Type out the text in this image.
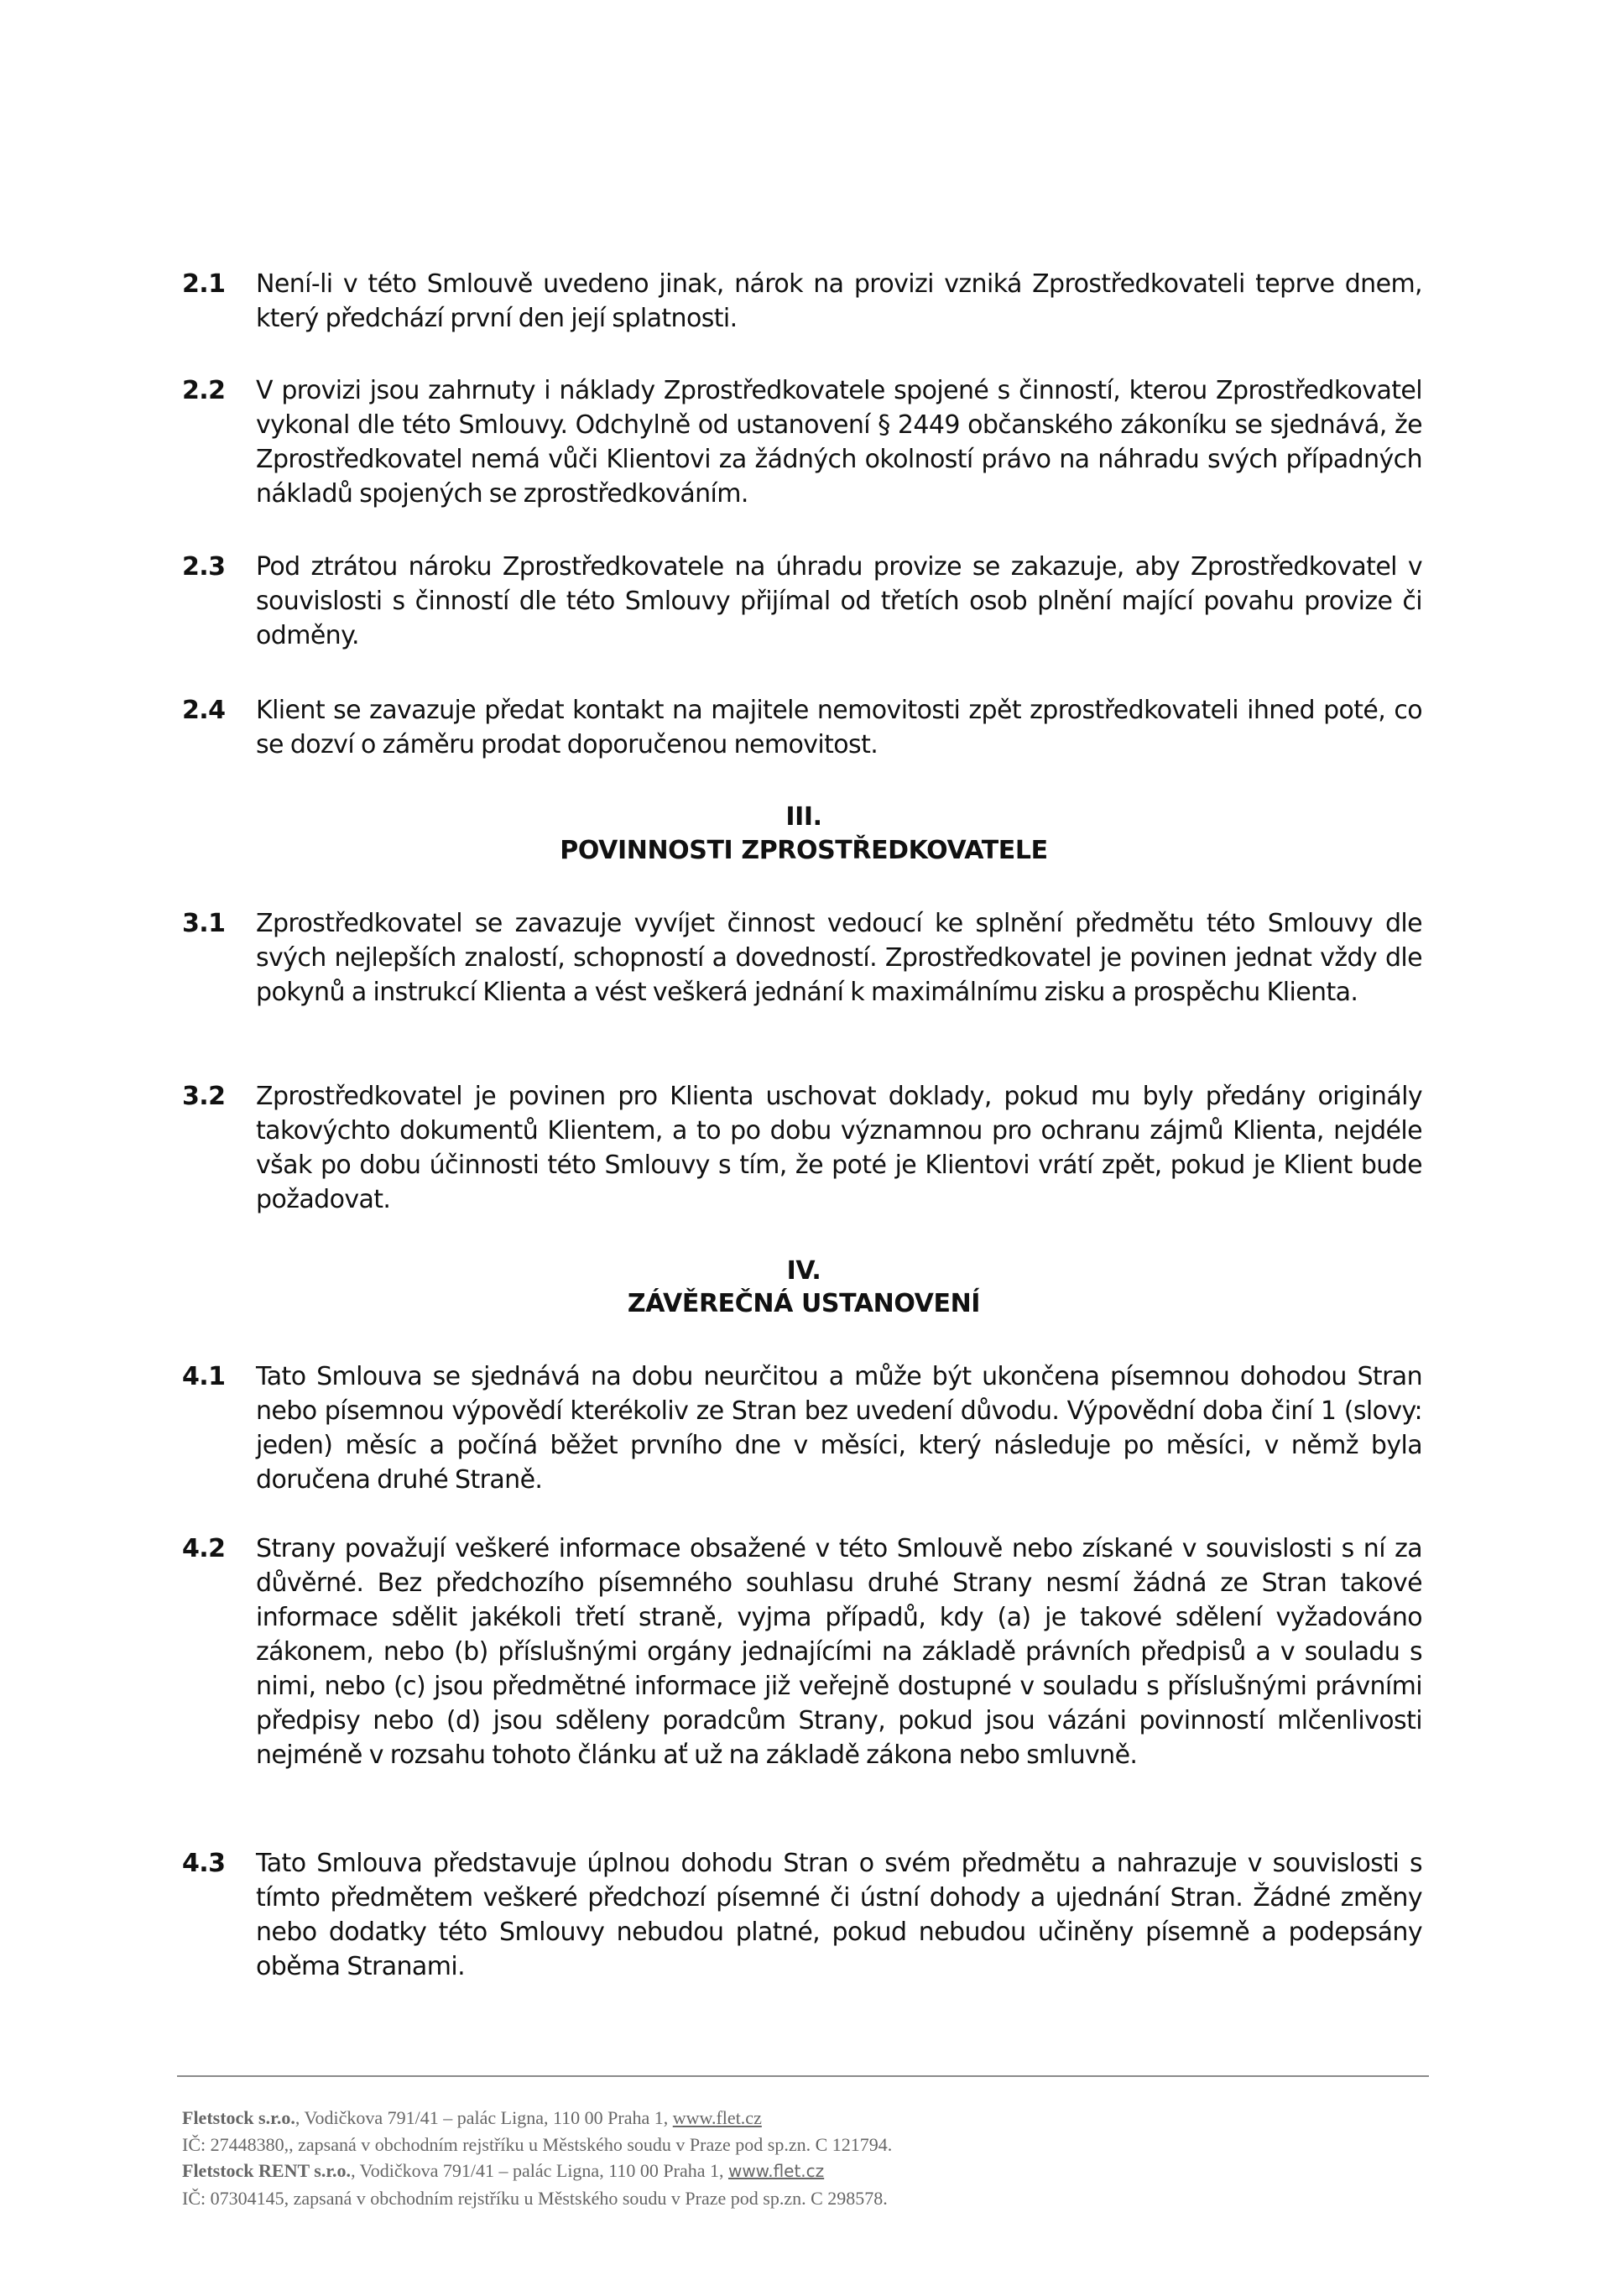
2.1	Není-li v této Smlouvě uvedeno jinak, nárok na provizi vzniká Zprostředkovateli teprve dnem, který předchází první den její splatnosti.
2.2	V provizi jsou zahrnuty i náklady Zprostředkovatele spojené s činností, kterou Zprostředkovatel vykonal dle této Smlouvy. Odchylně od ustanovení § 2449 občanského zákoníku se sjednává, že Zprostředkovatel nemá vůči Klientovi za žádných okolností právo na náhradu svých případných nákladů spojených se zprostředkováním.
2.3	Pod ztrátou nároku Zprostředkovatele na úhradu provize se zakazuje, aby Zprostředkovatel v souvislosti s činností dle této Smlouvy přijímal od třetích osob plnění mající povahu provize či odměny.
2.4	Klient se zavazuje předat kontakt na majitele nemovitosti zpět zprostředkovateli ihned poté, co se dozví o záměru prodat doporučenou nemovitost.
III.
POVINNOSTI ZPROSTŘEDKOVATELE
3.1	Zprostředkovatel se zavazuje vyvíjet činnost vedoucí ke splnění předmětu této Smlouvy dle svých nejlepších znalostí, schopností a dovedností. Zprostředkovatel je povinen jednat vždy dle pokynů a instrukcí Klienta a vést veškerá jednání k maximálnímu zisku a prospěchu Klienta.
3.2	Zprostředkovatel je povinen pro Klienta uschovat doklady, pokud mu byly předány originály takovýchto dokumentů Klientem, a to po dobu významnou pro ochranu zájmů Klienta, nejdéle však po dobu účinnosti této Smlouvy s tím, že poté je Klientovi vrátí zpět, pokud je Klient bude požadovat.
IV.
ZÁVĚREČNÁ USTANOVENÍ
4.1	Tato Smlouva se sjednává na dobu neurčitou a může být ukončena písemnou dohodou Stran nebo písemnou výpovědí kterékoliv ze Stran bez uvedení důvodu. Výpovědní doba činí 1 (slovy: jeden) měsíc a počíná běžet prvního dne v měsíci, který následuje po měsíci, v němž byla doručena druhé Straně.
4.2	Strany považují veškeré informace obsažené v této Smlouvě nebo získané v souvislosti s ní za důvěrné. Bez předchozího písemného souhlasu druhé Strany nesmí žádná ze Stran takové informace sdělit jakékoli třetí straně, vyjma případů, kdy (a) je takové sdělení vyžadováno zákonem, nebo (b) příslušnými orgány jednajícími na základě právních předpisů a v souladu s nimi, nebo (c) jsou předmětné informace již veřejně dostupné v souladu s příslušnými právními předpisy nebo (d) jsou sděleny poradcům Strany, pokud jsou vázáni povinností mlčenlivosti nejméně v rozsahu tohoto článku ať už na základě zákona nebo smluvně.
4.3	Tato Smlouva představuje úplnou dohodu Stran o svém předmětu a nahrazuje v souvislosti s tímto předmětem veškeré předchozí písemné či ústní dohody a ujednání Stran. Žádné změny nebo dodatky této Smlouvy nebudou platné, pokud nebudou učiněny písemně a podepsány oběma Stranami.
Fletstock s.r.o., Vodičkova 791/41 – palác Ligna, 110 00 Praha 1, www.flet.cz
IČ: 27448380,, zapsaná v obchodním rejstříku u Městského soudu v Praze pod sp.zn. C 121794.
Fletstock RENT s.r.o., Vodičkova 791/41 – palác Ligna, 110 00 Praha 1, www.flet.cz
IČ: 07304145, zapsaná v obchodním rejstříku u Městského soudu v Praze pod sp.zn. C 298578.
